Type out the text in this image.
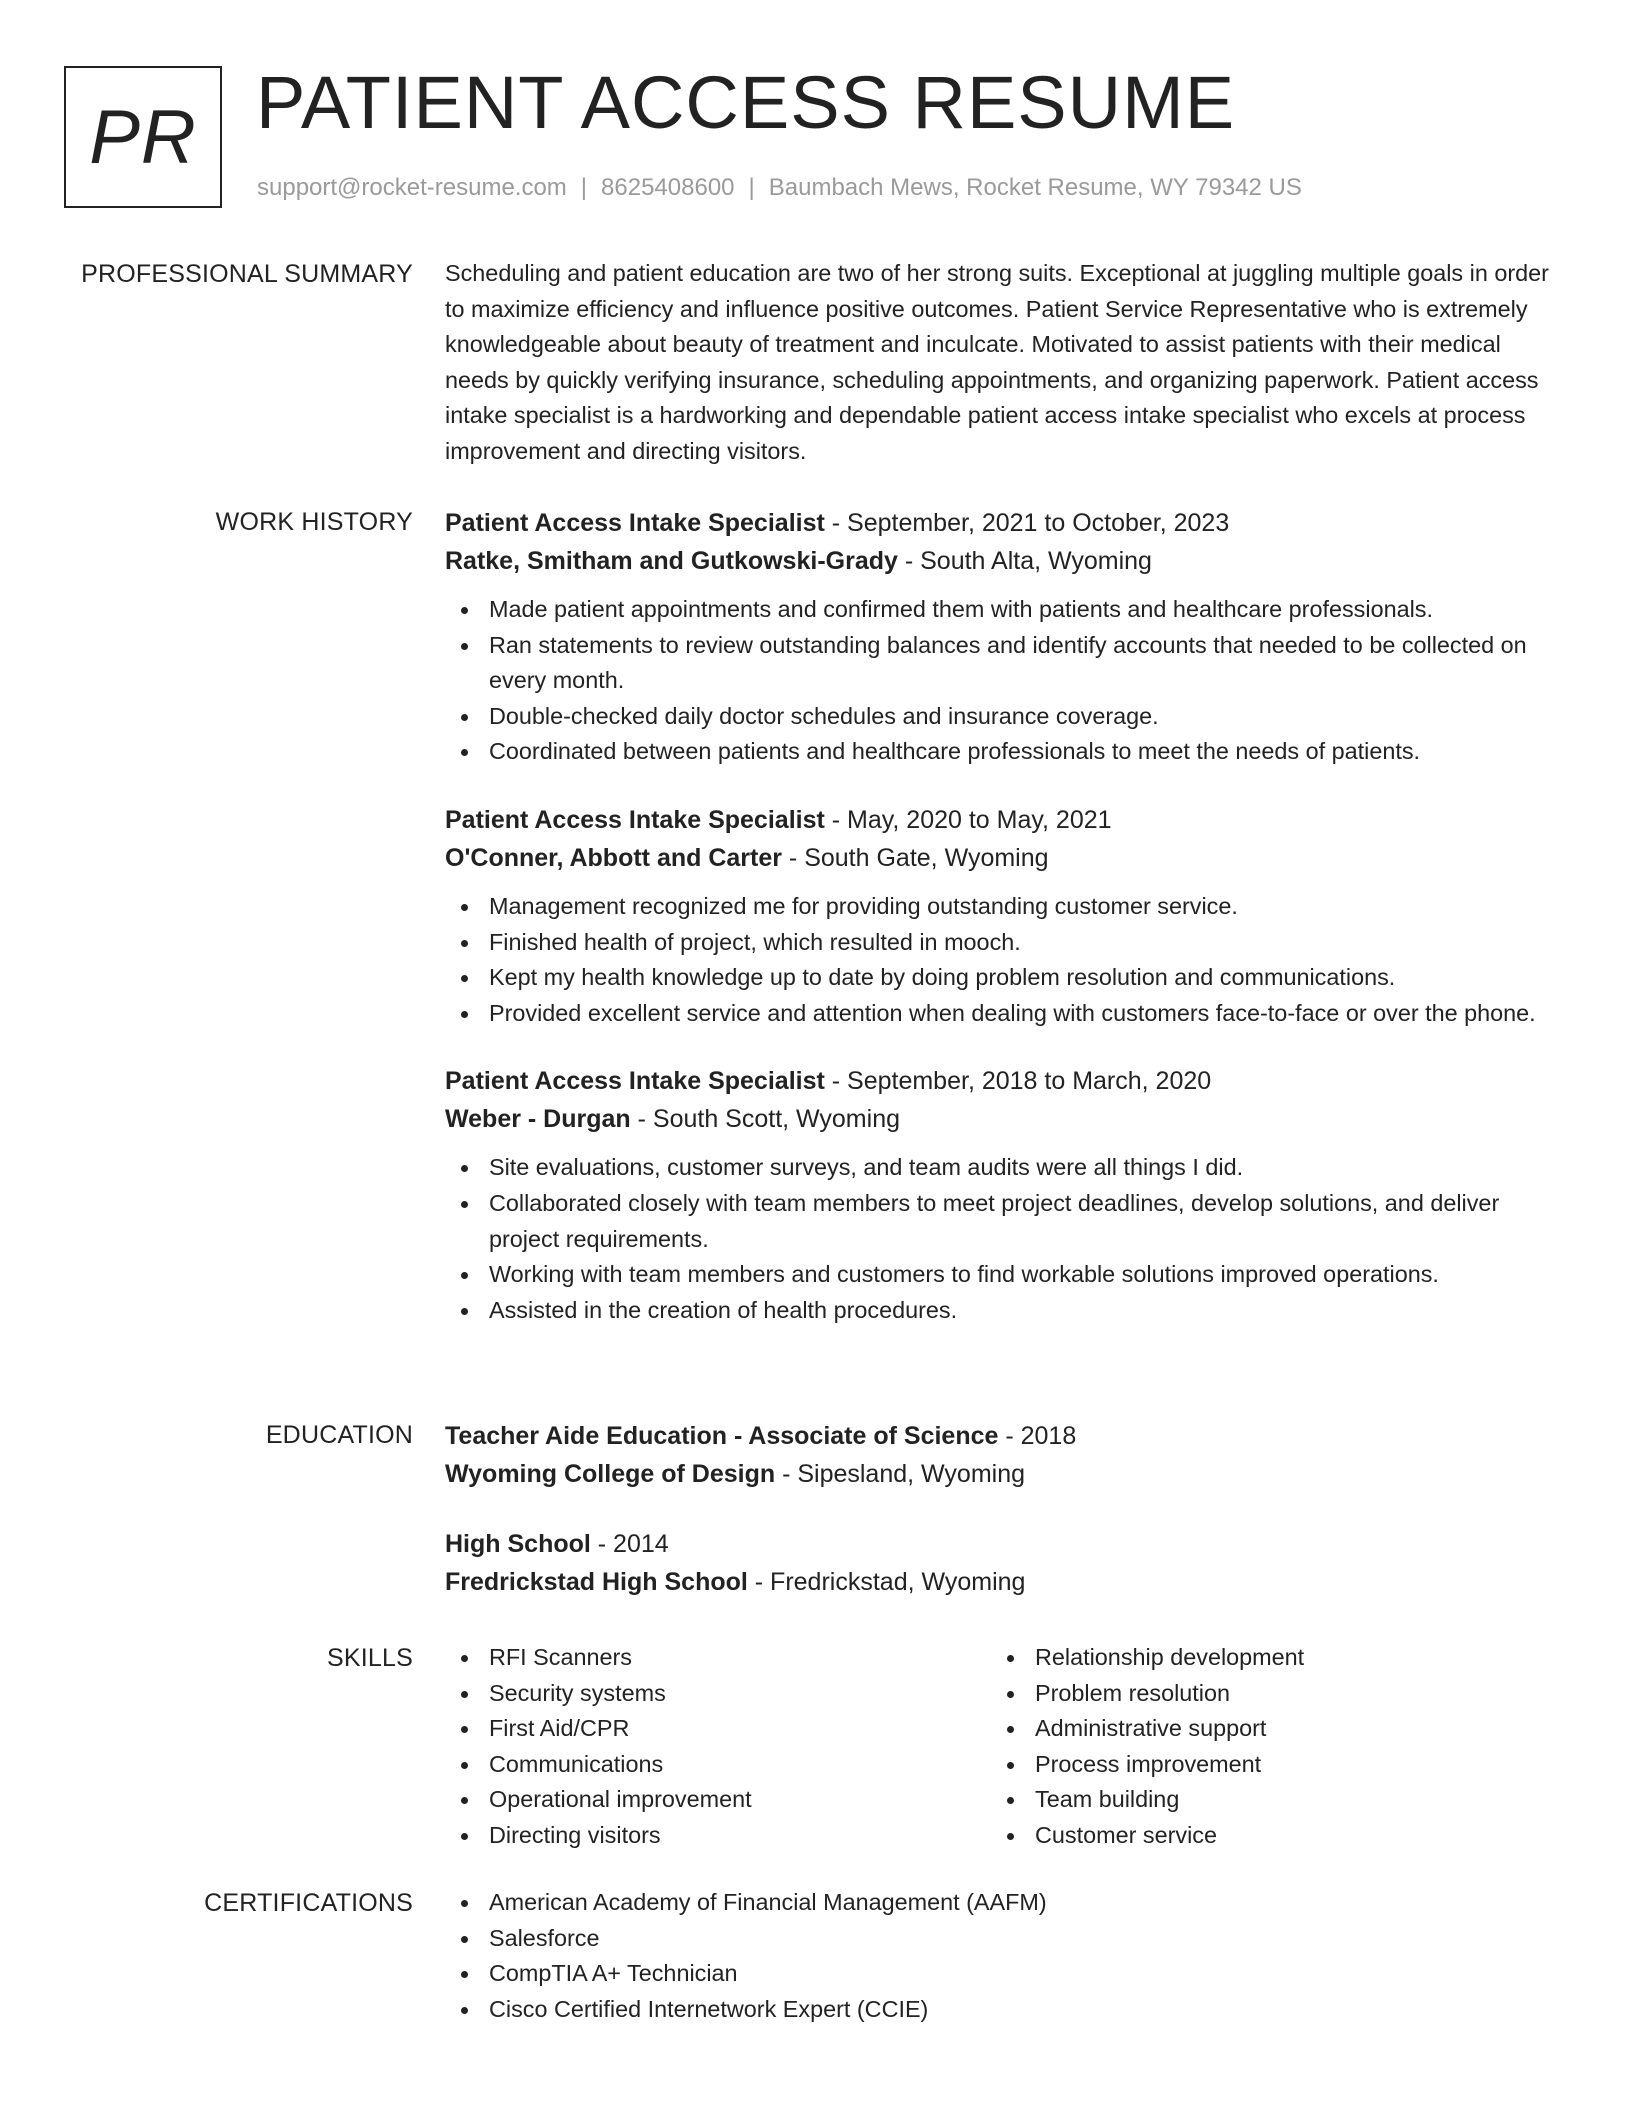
PR PATIENT ACCESS RESUME
support@rocket-resume.com | 8625408600 | Baumbach Mews, Rocket Resume, WY 79342 US
PROFESSIONAL SUMMARY Scheduling and patient education are two of her strong suits. Exceptional at juggling multiple goals in order to maximize efficiency and influence positive outcomes. Patient Service Representative who is extremely knowledgeable about beauty of treatment and inculcate. Motivated to assist patients with their medical needs by quickly verifying insurance, scheduling appointments, and organizing paperwork. Patient access intake specialist is a hardworking and dependable patient access intake specialist who excels at process improvement and directing visitors.
WORK HISTORY Patient Access Intake Specialist - September, 2021 to October, 2023
Ratke, Smitham and Gutkowski-Grady - South Alta, Wyoming
Made patient appointments and confirmed them with patients and healthcare professionals.
Ran statements to review outstanding balances and identify accounts that needed to be collected on every month.
Double-checked daily doctor schedules and insurance coverage.
Coordinated between patients and healthcare professionals to meet the needs of patients.
Patient Access Intake Specialist - May, 2020 to May, 2021
O'Conner, Abbott and Carter - South Gate, Wyoming
Management recognized me for providing outstanding customer service.
Finished health of project, which resulted in mooch.
Kept my health knowledge up to date by doing problem resolution and communications.
Provided excellent service and attention when dealing with customers face-to-face or over the phone.
Patient Access Intake Specialist - September, 2018 to March, 2020
Weber - Durgan - South Scott, Wyoming
Site evaluations, customer surveys, and team audits were all things I did.
Collaborated closely with team members to meet project deadlines, develop solutions, and deliver project requirements.
Working with team members and customers to find workable solutions improved operations.
Assisted in the creation of health procedures.
EDUCATION Teacher Aide Education - Associate of Science - 2018
Wyoming College of Design - Sipesland, Wyoming
High School - 2014
Fredrickstad High School - Fredrickstad, Wyoming
SKILLS	RFI Scanners
Security systems
First Aid/CPR
Communications
Operational improvement
Directing visitors
Relationship development
Problem resolution
Administrative support
Process improvement
Team building
Customer service
CERTIFICATIONS	American Academy of Financial Management (AAFM)
Salesforce
CompTIA A+ Technician
Cisco Certified Internetwork Expert (CCIE)
